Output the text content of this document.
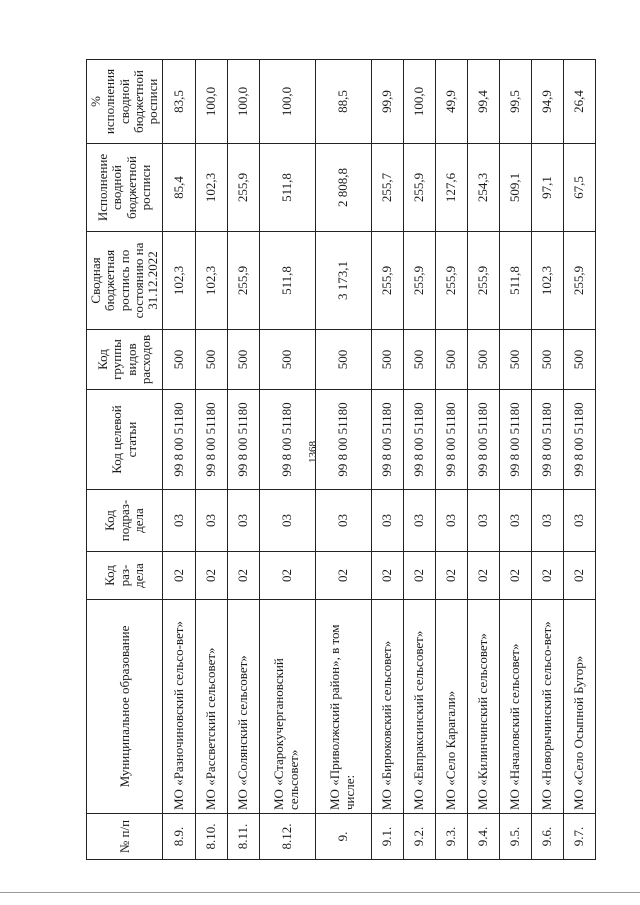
1368
№ п/п	Муниципальное образование	Код раз-дела	Код подраз-дела	Код целевой статьи	Код группы видов расходов	Сводная бюджетная роспись по состоянию на 31.12.2022	Исполнение сводной бюджетной росписи	% исполнения сводной бюджетной росписи
8.9.	МО «Разночиновский сельсо-вет»	02	03	99 8 00 51180	500	102,3	85,4	83,5
8.10.	МО «Рассветский сельсовет»	02	03	99 8 00 51180	500	102,3	102,3	100,0
8.11.	МО «Солянский сельсовет»	02	03	99 8 00 51180	500	255,9	255,9	100,0
8.12.	МО «Старокучергановский сельсовет»	02	03	99 8 00 51180	500	511,8	511,8	100,0
9.	МО «Приволжский район», в том числе:	02	03	99 8 00 51180	500	3 173,1	2 808,8	88,5
9.1.	МО «Бирюковский сельсовет»	02	03	99 8 00 51180	500	255,9	255,7	99,9
9.2.	МО «Евпраксинский сельсовет»	02	03	99 8 00 51180	500	255,9	255,9	100,0
9.3.	МО «Село Карагали»	02	03	99 8 00 51180	500	255,9	127,6	49,9
9.4.	МО «Килинчинский сельсовет»	02	03	99 8 00 51180	500	255,9	254,3	99,4
9.5.	МО «Началовский сельсовет»	02	03	99 8 00 51180	500	511,8	509,1	99,5
9.6.	МО «Новорычинский сельсо-вет»	02	03	99 8 00 51180	500	102,3	97,1	94,9
9.7.	МО «Село Осыпной Бугор»	02	03	99 8 00 51180	500	255,9	67,5	26,4
